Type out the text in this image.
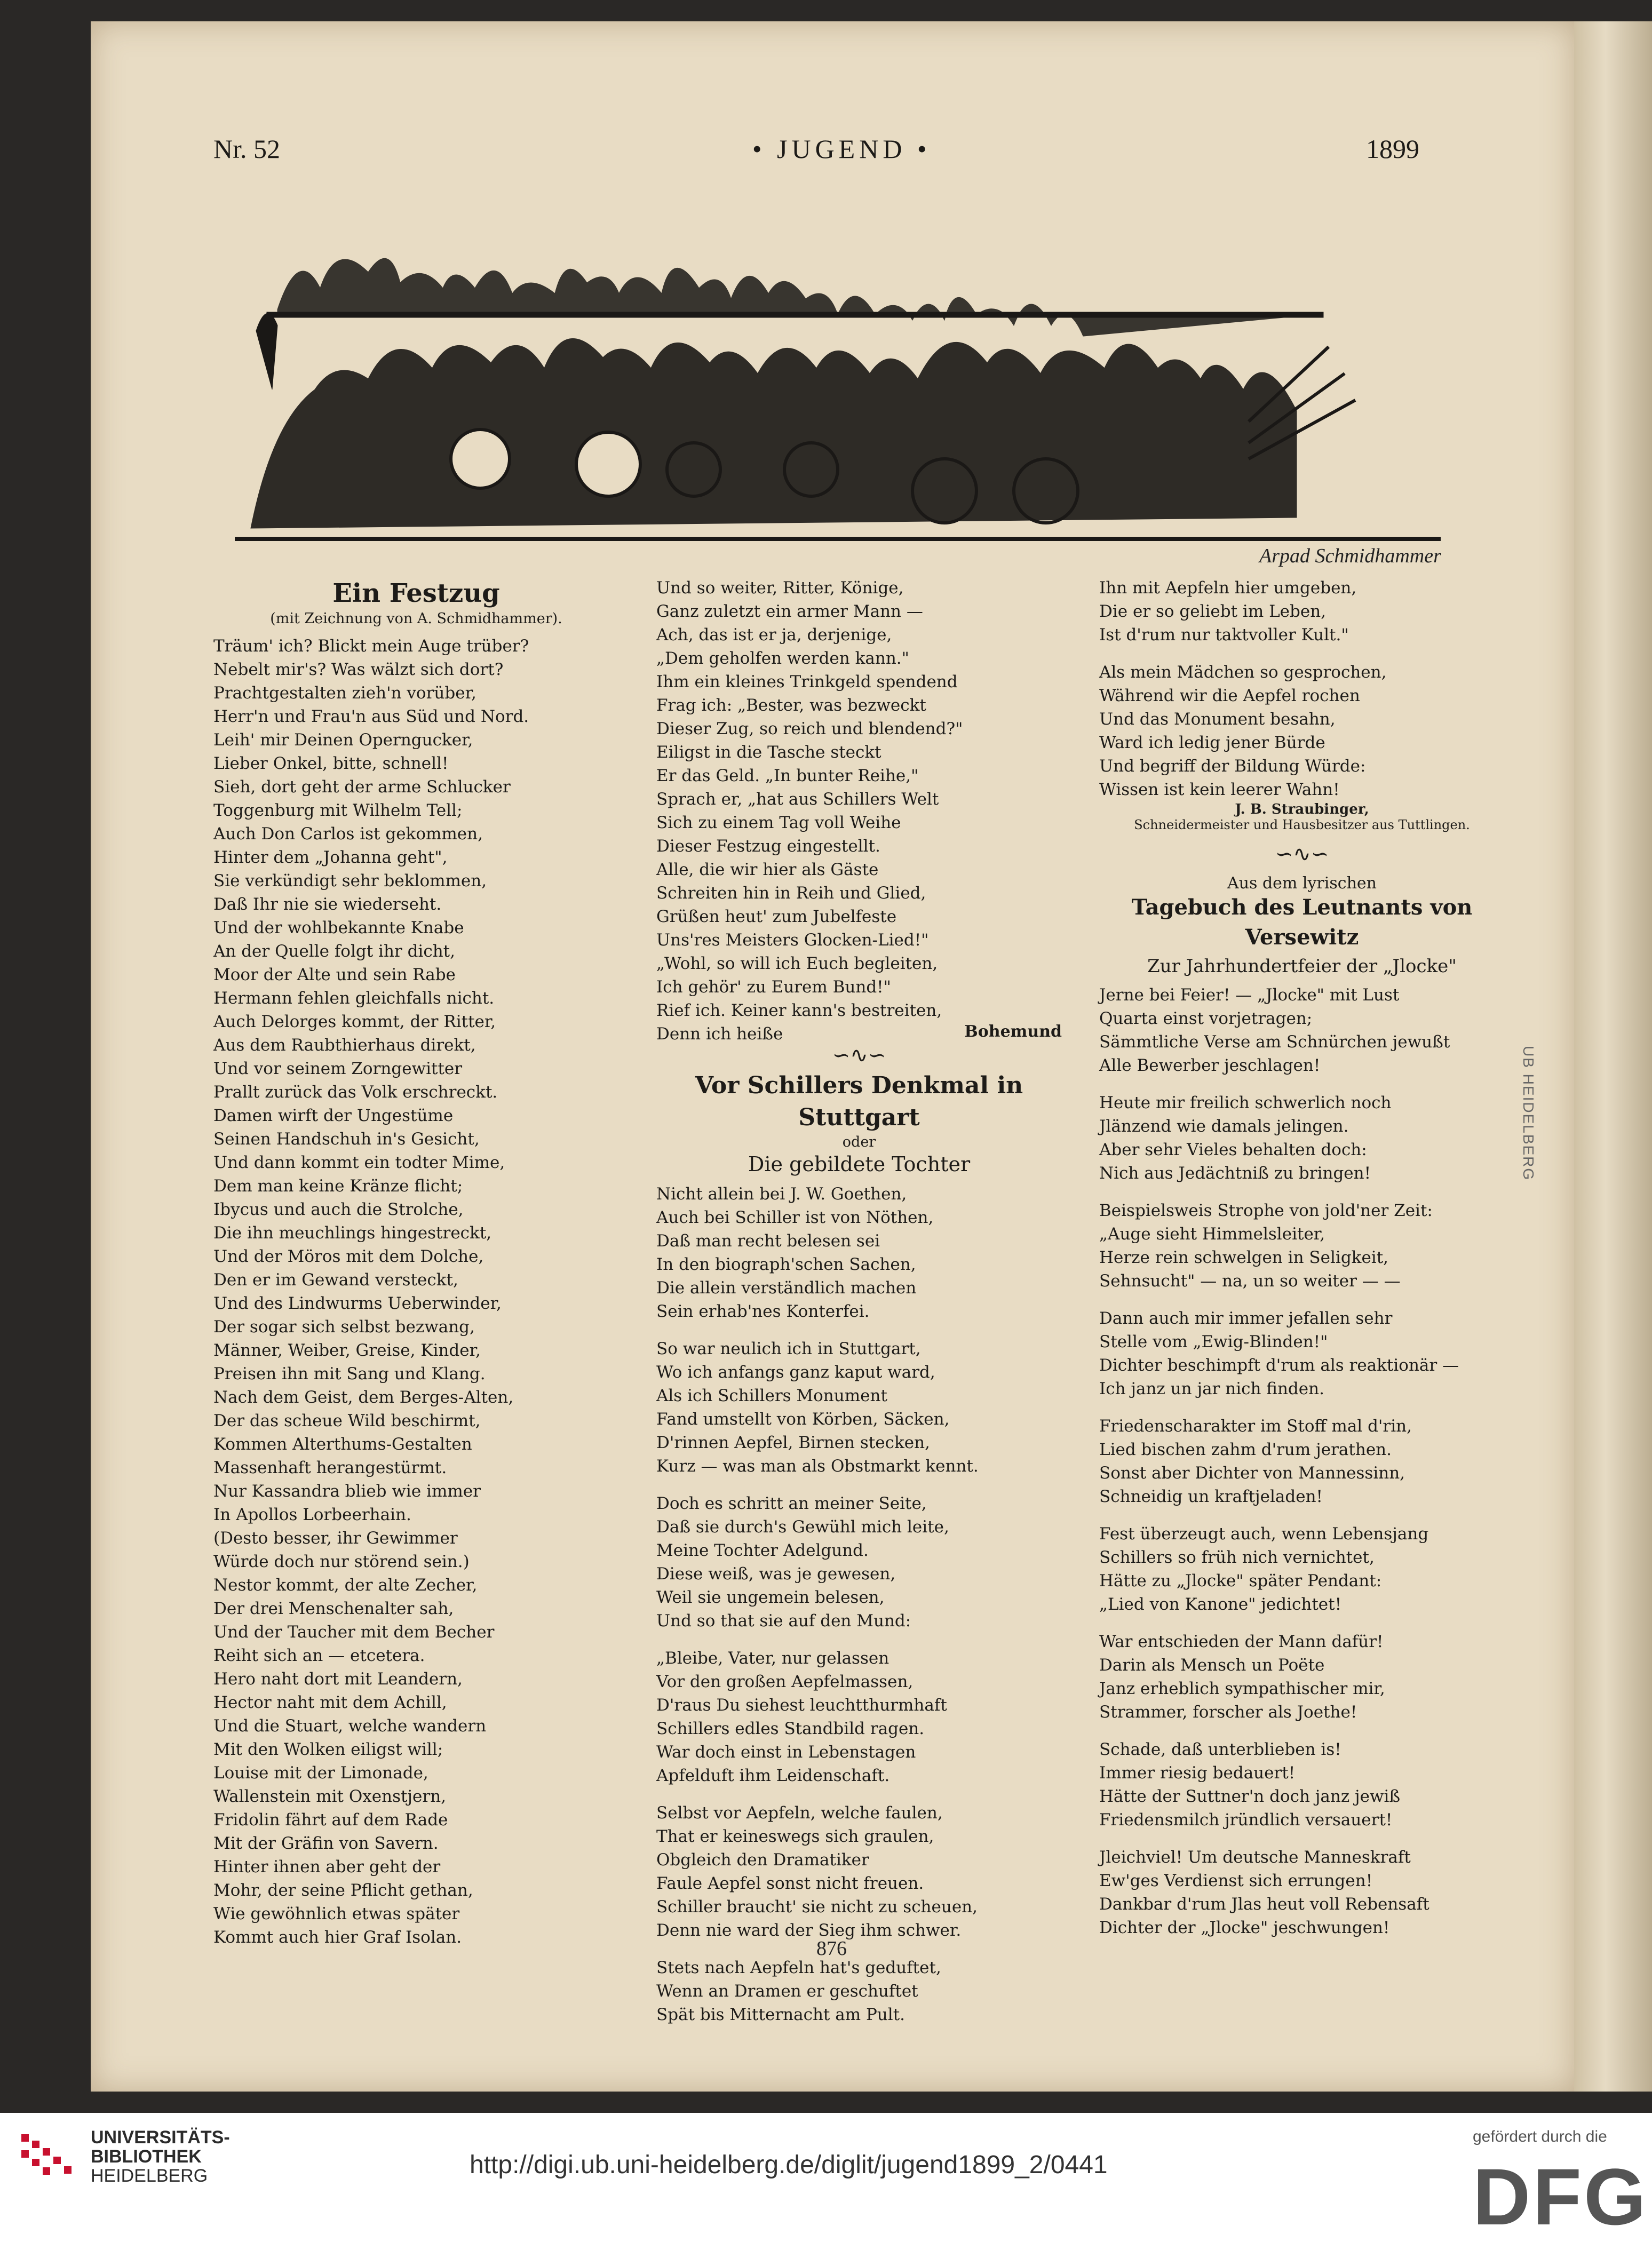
Nr. 52	• JUGEND •	1899
Arpad Schmidhammer
Ein Festzug
(mit Zeichnung von A. Schmidhammer).
Träum' ich? Blickt mein Auge trüber?
Nebelt mir's? Was wälzt sich dort?
Prachtgestalten zieh'n vorüber,
Herr'n und Frau'n aus Süd und Nord.
Leih' mir Deinen Operngucker,
Lieber Onkel, bitte, schnell!
Sieh, dort geht der arme Schlucker
Toggenburg mit Wilhelm Tell;
Auch Don Carlos ist gekommen,
Hinter dem „Johanna geht",
Sie verkündigt sehr beklommen,
Daß Ihr nie sie wiederseht.
Und der wohlbekannte Knabe
An der Quelle folgt ihr dicht,
Moor der Alte und sein Rabe
Hermann fehlen gleichfalls nicht.
Auch Delorges kommt, der Ritter,
Aus dem Raubthierhaus direkt,
Und vor seinem Zorngewitter
Prallt zurück das Volk erschreckt.
Damen wirft der Ungestüme
Seinen Handschuh in's Gesicht,
Und dann kommt ein todter Mime,
Dem man keine Kränze flicht;
Ibycus und auch die Strolche,
Die ihn meuchlings hingestreckt,
Und der Möros mit dem Dolche,
Den er im Gewand versteckt,
Und des Lindwurms Ueberwinder,
Der sogar sich selbst bezwang,
Männer, Weiber, Greise, Kinder,
Preisen ihn mit Sang und Klang.
Nach dem Geist, dem Berges-Alten,
Der das scheue Wild beschirmt,
Kommen Alterthums-Gestalten
Massenhaft herangestürmt.
Nur Kassandra blieb wie immer
In Apollos Lorbeerhain.
(Desto besser, ihr Gewimmer
Würde doch nur störend sein.)
Nestor kommt, der alte Zecher,
Der drei Menschenalter sah,
Und der Taucher mit dem Becher
Reiht sich an — etcetera.
Hero naht dort mit Leandern,
Hector naht mit dem Achill,
Und die Stuart, welche wandern
Mit den Wolken eiligst will;
Louise mit der Limonade,
Wallenstein mit Oxenstjern,
Fridolin fährt auf dem Rade
Mit der Gräfin von Savern.
Hinter ihnen aber geht der
Mohr, der seine Pflicht gethan,
Wie gewöhnlich etwas später
Kommt auch hier Graf Isolan.
Und so weiter, Ritter, Könige,
Ganz zuletzt ein armer Mann —
Ach, das ist er ja, derjenige,
„Dem geholfen werden kann."
Ihm ein kleines Trinkgeld spendend
Frag ich: „Bester, was bezweckt
Dieser Zug, so reich und blendend?"
Eiligst in die Tasche steckt
Er das Geld. „In bunter Reihe,"
Sprach er, „hat aus Schillers Welt
Sich zu einem Tag voll Weihe
Dieser Festzug eingestellt.
Alle, die wir hier als Gäste
Schreiten hin in Reih und Glied,
Grüßen heut' zum Jubelfeste
Uns'res Meisters Glocken-Lied!"
„Wohl, so will ich Euch begleiten,
Ich gehör' zu Eurem Bund!"
Rief ich. Keiner kann's bestreiten,
Denn ich heiße	Bohemund
∽∿∽
Vor Schillers Denkmal in Stuttgart
oder
Die gebildete Tochter
Nicht allein bei J. W. Goethen,
Auch bei Schiller ist von Nöthen,
Daß man recht belesen sei
In den biograph'schen Sachen,
Die allein verständlich machen
Sein erhab'nes Konterfei.
So war neulich ich in Stuttgart,
Wo ich anfangs ganz kaput ward,
Als ich Schillers Monument
Fand umstellt von Körben, Säcken,
D'rinnen Aepfel, Birnen stecken,
Kurz — was man als Obstmarkt kennt.
Doch es schritt an meiner Seite,
Daß sie durch's Gewühl mich leite,
Meine Tochter Adelgund.
Diese weiß, was je gewesen,
Weil sie ungemein belesen,
Und so that sie auf den Mund:
„Bleibe, Vater, nur gelassen
Vor den großen Aepfelmassen,
D'raus Du siehest leuchtthurmhaft
Schillers edles Standbild ragen.
War doch einst in Lebenstagen
Apfelduft ihm Leidenschaft.
Selbst vor Aepfeln, welche faulen,
That er keineswegs sich graulen,
Obgleich den Dramatiker
Faule Aepfel sonst nicht freuen.
Schiller braucht' sie nicht zu scheuen,
Denn nie ward der Sieg ihm schwer.
Stets nach Aepfeln hat's geduftet,
Wenn an Dramen er geschuftet
Spät bis Mitternacht am Pult.
Ihn mit Aepfeln hier umgeben,
Die er so geliebt im Leben,
Ist d'rum nur taktvoller Kult."
Als mein Mädchen so gesprochen,
Während wir die Aepfel rochen
Und das Monument besahn,
Ward ich ledig jener Bürde
Und begriff der Bildung Würde:
Wissen ist kein leerer Wahn!
J. B. Straubinger,
Schneidermeister und Hausbesitzer aus Tuttlingen.
∽∿∽
Aus dem lyrischen
Tagebuch des Leutnants von Versewitz
Zur Jahrhundertfeier der „Jlocke"
Jerne bei Feier! — „Jlocke" mit Lust
Quarta einst vorjetragen;
Sämmtliche Verse am Schnürchen jewußt
Alle Bewerber jeschlagen!
Heute mir freilich schwerlich noch
Jlänzend wie damals jelingen.
Aber sehr Vieles behalten doch:
Nich aus Jedächtniß zu bringen!
Beispielsweis Strophe von jold'ner Zeit:
„Auge sieht Himmelsleiter,
Herze rein schwelgen in Seligkeit,
Sehnsucht" — na, un so weiter — —
Dann auch mir immer jefallen sehr
Stelle vom „Ewig-Blinden!"
Dichter beschimpft d'rum als reaktionär —
Ich janz un jar nich finden.
Friedenscharakter im Stoff mal d'rin,
Lied bischen zahm d'rum jerathen.
Sonst aber Dichter von Mannessinn,
Schneidig un kraftjeladen!
Fest überzeugt auch, wenn Lebensjang
Schillers so früh nich vernichtet,
Hätte zu „Jlocke" später Pendant:
„Lied von Kanone" jedichtet!
War entschieden der Mann dafür!
Darin als Mensch un Poëte
Janz erheblich sympathischer mir,
Strammer, forscher als Joethe!
Schade, daß unterblieben is!
Immer riesig bedauert!
Hätte der Suttner'n doch janz jewiß
Friedensmilch jründlich versauert!
Jleichviel! Um deutsche Manneskraft
Ew'ges Verdienst sich errungen!
Dankbar d'rum Jlas heut voll Rebensaft
Dichter der „Jlocke" jeschwungen!
UB HEIDELBERG
876
UNIVERSITÄTS-
BIBLIOTHEK
HEIDELBERG	http://digi.ub.uni-heidelberg.de/diglit/jugend1899_2/0441
gefördert durch die
DFG
